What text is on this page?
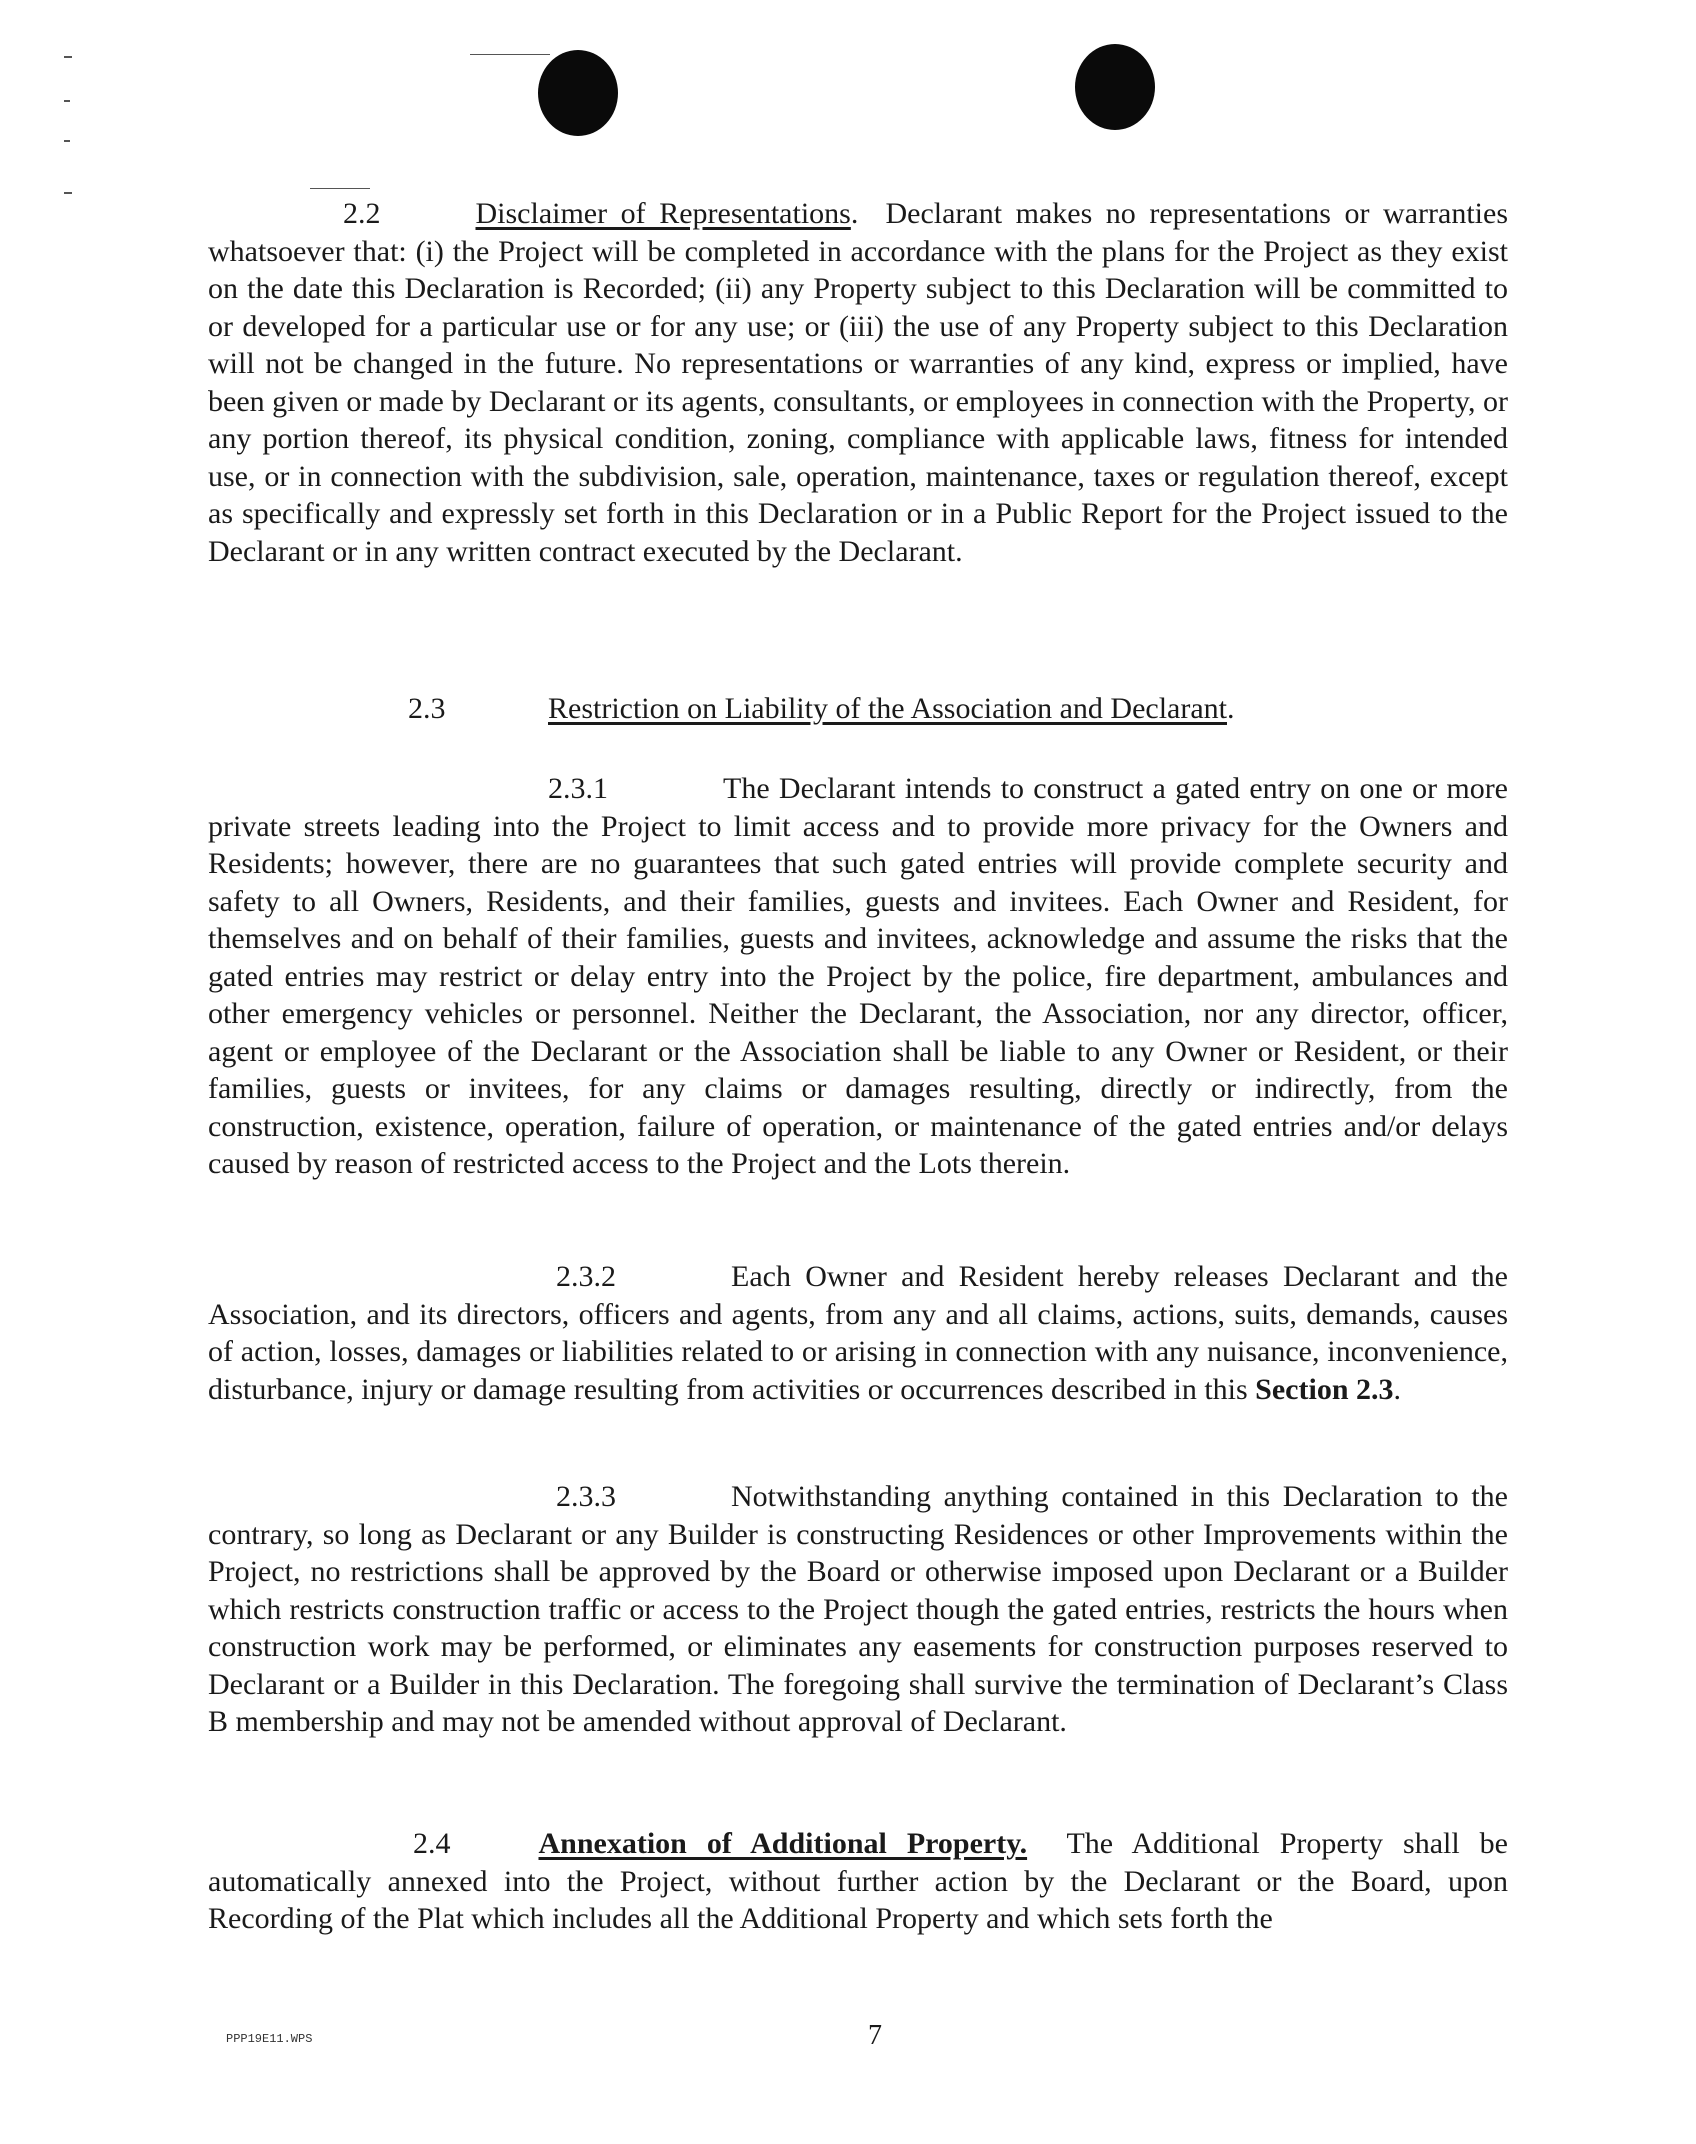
2.2	Disclaimer of Representations. Declarant makes no representations or warranties whatsoever that: (i) the Project will be completed in accordance with the plans for the Project as they exist on the date this Declaration is Recorded; (ii) any Property subject to this Declaration will be committed to or developed for a particular use or for any use; or (iii) the use of any Property subject to this Declaration will not be changed in the future. No representations or warranties of any kind, express or implied, have been given or made by Declarant or its agents, consultants, or employees in connection with the Property, or any portion thereof, its physical condition, zoning, compliance with applicable laws, fitness for intended use, or in connection with the subdivision, sale, operation, maintenance, taxes or regulation thereof, except as specifically and expressly set forth in this Declaration or in a Public Report for the Project issued to the Declarant or in any written contract executed by the Declarant.

2.3	Restriction on Liability of the Association and Declarant.

2.3.1	The Declarant intends to construct a gated entry on one or more private streets leading into the Project to limit access and to provide more privacy for the Owners and Residents; however, there are no guarantees that such gated entries will provide complete security and safety to all Owners, Residents, and their families, guests and invitees. Each Owner and Resident, for themselves and on behalf of their families, guests and invitees, acknowledge and assume the risks that the gated entries may restrict or delay entry into the Project by the police, fire department, ambulances and other emergency vehicles or personnel. Neither the Declarant, the Association, nor any director, officer, agent or employee of the Declarant or the Association shall be liable to any Owner or Resident, or their families, guests or invitees, for any claims or damages resulting, directly or indirectly, from the construction, existence, operation, failure of operation, or maintenance of the gated entries and/or delays caused by reason of restricted access to the Project and the Lots therein.

2.3.2	Each Owner and Resident hereby releases Declarant and the Association, and its directors, officers and agents, from any and all claims, actions, suits, demands, causes of action, losses, damages or liabilities related to or arising in connection with any nuisance, inconvenience, disturbance, injury or damage resulting from activities or occurrences described in this Section 2.3.

2.3.3	Notwithstanding anything contained in this Declaration to the contrary, so long as Declarant or any Builder is constructing Residences or other Improvements within the Project, no restrictions shall be approved by the Board or otherwise imposed upon Declarant or a Builder which restricts construction traffic or access to the Project though the gated entries, restricts the hours when construction work may be performed, or eliminates any easements for construction purposes reserved to Declarant or a Builder in this Declaration. The foregoing shall survive the termination of Declarant’s Class B membership and may not be amended without approval of Declarant.

2.4	Annexation of Additional Property. The Additional Property shall be automatically annexed into the Project, without further action by the Declarant or the Board, upon Recording of the Plat which includes all the Additional Property and which sets forth the

PPP19E11.WPS	7
